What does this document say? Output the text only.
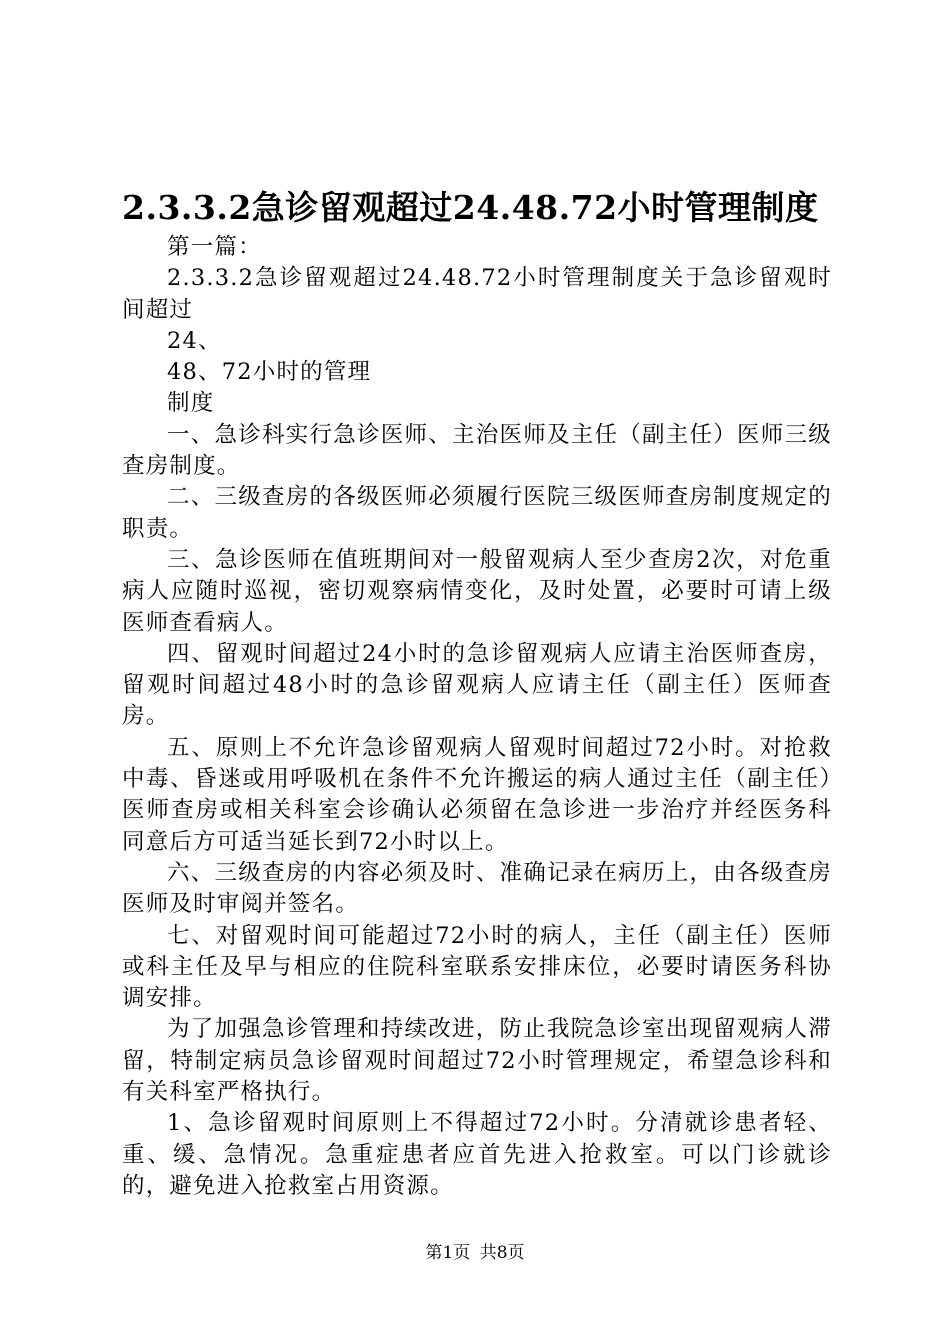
2.3.3.2急诊留观超过24.48.72小时管理制度

第一篇：

2.3.3.2急诊留观超过24.48.72小时管理制度关于急诊留观时间超过

24、

48、72小时的管理

制度

一、急诊科实行急诊医师、主治医师及主任（副主任）医师三级查房制度。

二、三级查房的各级医师必须履行医院三级医师查房制度规定的职责。

三、急诊医师在值班期间对一般留观病人至少查房2次，对危重病人应随时巡视，密切观察病情变化，及时处置，必要时可请上级医师查看病人。

四、留观时间超过24小时的急诊留观病人应请主治医师查房，留观时间超过48小时的急诊留观病人应请主任（副主任）医师查房。

五、原则上不允许急诊留观病人留观时间超过72小时。对抢救中毒、昏迷或用呼吸机在条件不允许搬运的病人通过主任（副主任）医师查房或相关科室会诊确认必须留在急诊进一步治疗并经医务科同意后方可适当延长到72小时以上。

六、三级查房的内容必须及时、准确记录在病历上，由各级查房医师及时审阅并签名。

七、对留观时间可能超过72小时的病人，主任（副主任）医师或科主任及早与相应的住院科室联系安排床位，必要时请医务科协调安排。

为了加强急诊管理和持续改进，防止我院急诊室出现留观病人滞留，特制定病员急诊留观时间超过72小时管理规定，希望急诊科和有关科室严格执行。

1、急诊留观时间原则上不得超过72小时。分清就诊患者轻、重、缓、急情况。急重症患者应首先进入抢救室。可以门诊就诊的，避免进入抢救室占用资源。

第1页 共8页
